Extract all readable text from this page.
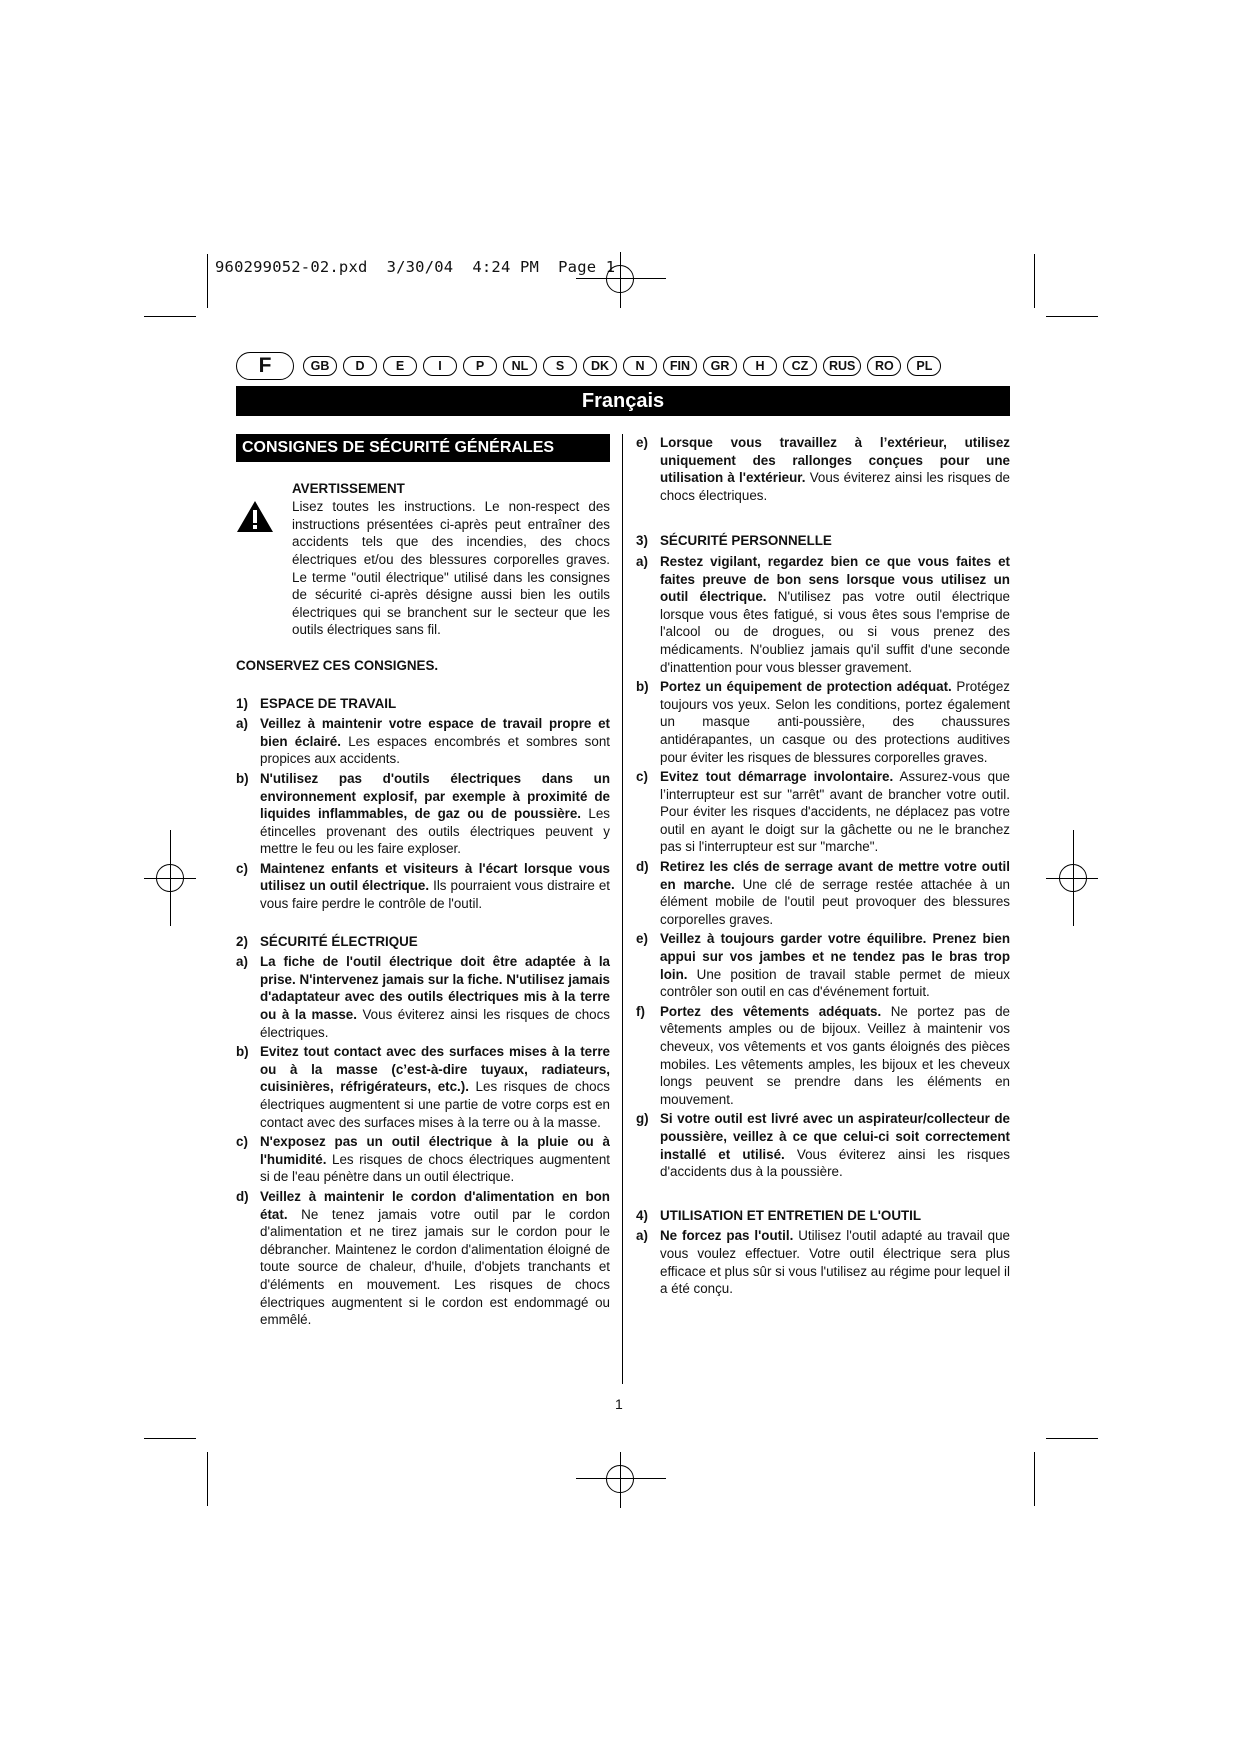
960299052-02.pxd  3/30/04  4:24 PM  Page 1
F	GB	D	E	I	P	NL	S	DK	N	FIN	GR	H	CZ	RUS	RO	PL
Français
CONSIGNES DE SÉCURITÉ GÉNÉRALES
AVERTISSEMENT
Lisez toutes les instructions. Le non-respect des instructions présentées ci-après peut entraîner des accidents tels que des incendies, des chocs électriques et/ou des blessures corporelles graves. Le terme "outil électrique" utilisé dans les consignes de sécurité ci-après désigne aussi bien les outils électriques qui se branchent sur le secteur que les outils électriques sans fil.
CONSERVEZ CES CONSIGNES.
1) ESPACE DE TRAVAIL
a) Veillez à maintenir votre espace de travail propre et bien éclairé. Les espaces encombrés et sombres sont propices aux accidents.
b) N'utilisez pas d'outils électriques dans un environnement explosif, par exemple à proximité de liquides inflammables, de gaz ou de poussière. Les étincelles provenant des outils électriques peuvent y mettre le feu ou les faire exploser.
c) Maintenez enfants et visiteurs à l'écart lorsque vous utilisez un outil électrique. Ils pourraient vous distraire et vous faire perdre le contrôle de l'outil.
2) SÉCURITÉ ÉLECTRIQUE
a) La fiche de l'outil électrique doit être adaptée à la prise. N'intervenez jamais sur la fiche. N'utilisez jamais d'adaptateur avec des outils électriques mis à la terre ou à la masse. Vous éviterez ainsi les risques de chocs électriques.
b) Evitez tout contact avec des surfaces mises à la terre ou à la masse (c’est-à-dire tuyaux, radiateurs, cuisinières, réfrigérateurs, etc.). Les risques de chocs électriques augmentent si une partie de votre corps est en contact avec des surfaces mises à la terre ou à la masse.
c) N'exposez pas un outil électrique à la pluie ou à l'humidité. Les risques de chocs électriques augmentent si de l'eau pénètre dans un outil électrique.
d) Veillez à maintenir le cordon d'alimentation en bon état. Ne tenez jamais votre outil par le cordon d'alimentation et ne tirez jamais sur le cordon pour le débrancher. Maintenez le cordon d'alimentation éloigné de toute source de chaleur, d'huile, d'objets tranchants et d'éléments en mouvement. Les risques de chocs électriques augmentent si le cordon est endommagé ou emmêlé.
e) Lorsque vous travaillez à l’extérieur, utilisez uniquement des rallonges conçues pour une utilisation à l'extérieur. Vous éviterez ainsi les risques de chocs électriques.
3) SÉCURITÉ PERSONNELLE
a) Restez vigilant, regardez bien ce que vous faites et faites preuve de bon sens lorsque vous utilisez un outil électrique. N'utilisez pas votre outil électrique lorsque vous êtes fatigué, si vous êtes sous l'emprise de l'alcool ou de drogues, ou si vous prenez des médicaments. N'oubliez jamais qu'il suffit d'une seconde d'inattention pour vous blesser gravement.
b) Portez un équipement de protection adéquat. Protégez toujours vos yeux. Selon les conditions, portez également un masque anti-poussière, des chaussures antidérapantes, un casque ou des protections auditives pour éviter les risques de blessures corporelles graves.
c) Evitez tout démarrage involontaire. Assurez-vous que l’interrupteur est sur "arrêt" avant de brancher votre outil. Pour éviter les risques d'accidents, ne déplacez pas votre outil en ayant le doigt sur la gâchette ou ne le branchez pas si l'interrupteur est sur "marche".
d) Retirez les clés de serrage avant de mettre votre outil en marche. Une clé de serrage restée attachée à un élément mobile de l'outil peut provoquer des blessures corporelles graves.
e) Veillez à toujours garder votre équilibre. Prenez bien appui sur vos jambes et ne tendez pas le bras trop loin. Une position de travail stable permet de mieux contrôler son outil en cas d'événement fortuit.
f)	Portez des vêtements adéquats. Ne portez pas de vêtements amples ou de bijoux. Veillez à maintenir vos cheveux, vos vêtements et vos gants éloignés des pièces mobiles. Les vêtements amples, les bijoux et les cheveux longs peuvent se prendre dans les éléments en mouvement.
g) Si votre outil est livré avec un aspirateur/collecteur de poussière, veillez à ce que celui-ci soit correctement installé et utilisé. Vous éviterez ainsi les risques d'accidents dus à la poussière.
4) UTILISATION ET ENTRETIEN DE L'OUTIL
a) Ne forcez pas l'outil. Utilisez l'outil adapté au travail que vous voulez effectuer. Votre outil électrique sera plus efficace et plus sûr si vous l'utilisez au régime pour lequel il a été conçu.
1
